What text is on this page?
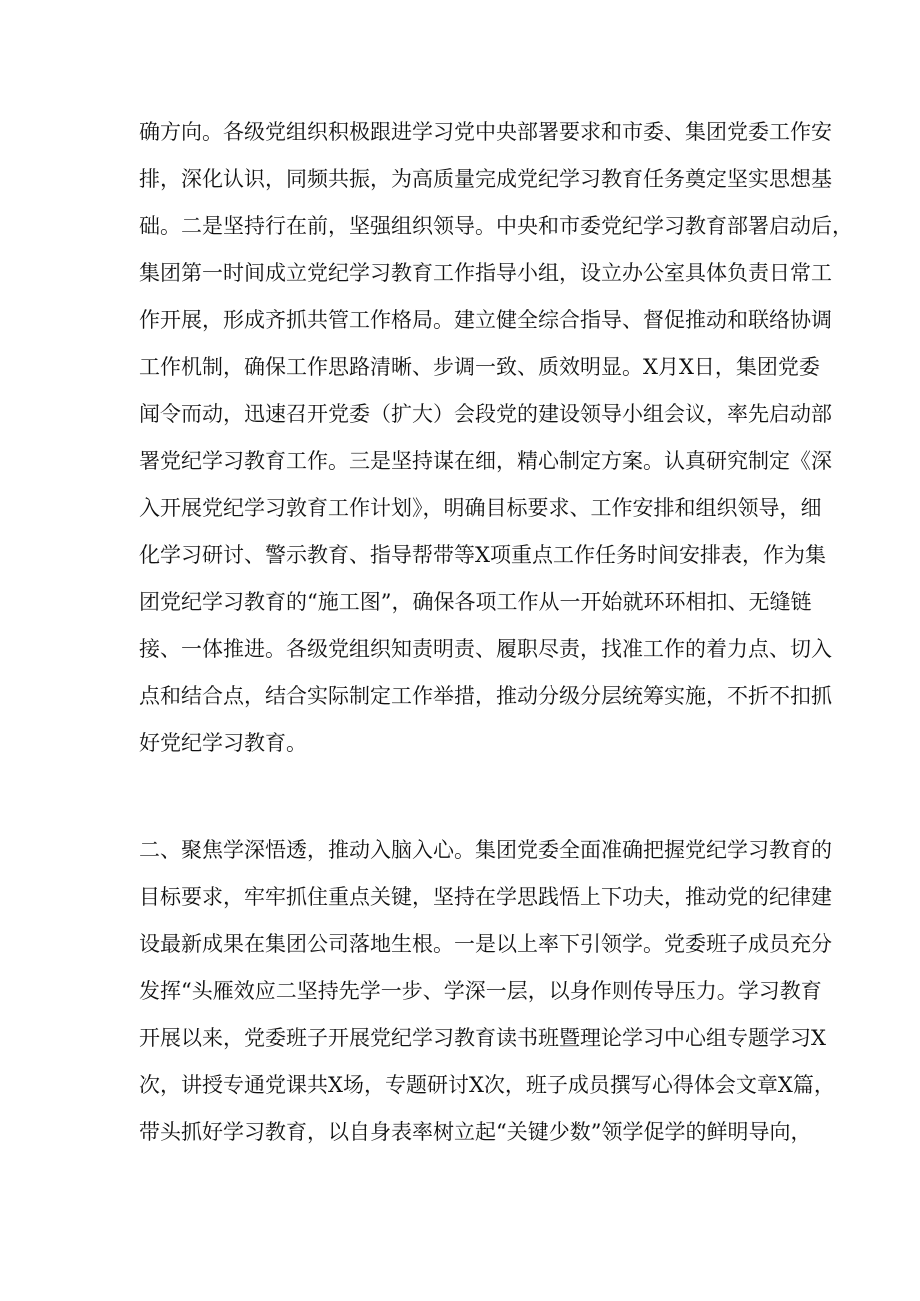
确方向。各级党组织积极跟进学习党中央部署要求和市委、集团党委工作安
排，深化认识，同频共振，为高质量完成党纪学习教育任务奠定坚实思想基
础。二是坚持行在前，坚强组织领导。中央和市委党纪学习教育部署启动后，
集团第一时间成立党纪学习教育工作指导小组，设立办公室具体负责日常工
作开展，形成齐抓共管工作格局。建立健全综合指导、督促推动和联络协调
工作机制，确保工作思路清晰、步调一致、质效明显。X月X日，集团党委
闻令而动，迅速召开党委（扩大）会段党的建设领导小组会议，率先启动部
署党纪学习教育工作。三是坚持谋在细，精心制定方案。认真研究制定《深
入开展党纪学习敦育工作计划》，明确目标要求、工作安排和组织领导，细
化学习研讨、警示教育、指导帮带等X项重点工作任务时间安排表，作为集
团党纪学习教育的“施工图”，确保各项工作从一开始就环环相扣、无缝链
接、一体推进。各级党组织知责明责、履职尽责，找准工作的着力点、切入
点和结合点，结合实际制定工作举措，推动分级分层统筹实施，不折不扣抓
好党纪学习教育。
二、聚焦学深悟透，推动入脑入心。集团党委全面准确把握党纪学习教育的
目标要求，牢牢抓住重点关键，坚持在学思践悟上下功夫，推动党的纪律建
设最新成果在集团公司落地生根。一是以上率下引领学。党委班子成员充分
发挥“头雁效应二坚持先学一步、学深一层，以身作则传导压力。学习教育
开展以来，党委班子开展党纪学习教育读书班暨理论学习中心组专题学习X
次，讲授专通党课共X场，专题研讨X次，班子成员撰写心得体会文章X篇，
带头抓好学习教育，以自身表率树立起“关键少数”领学促学的鲜明导向，
